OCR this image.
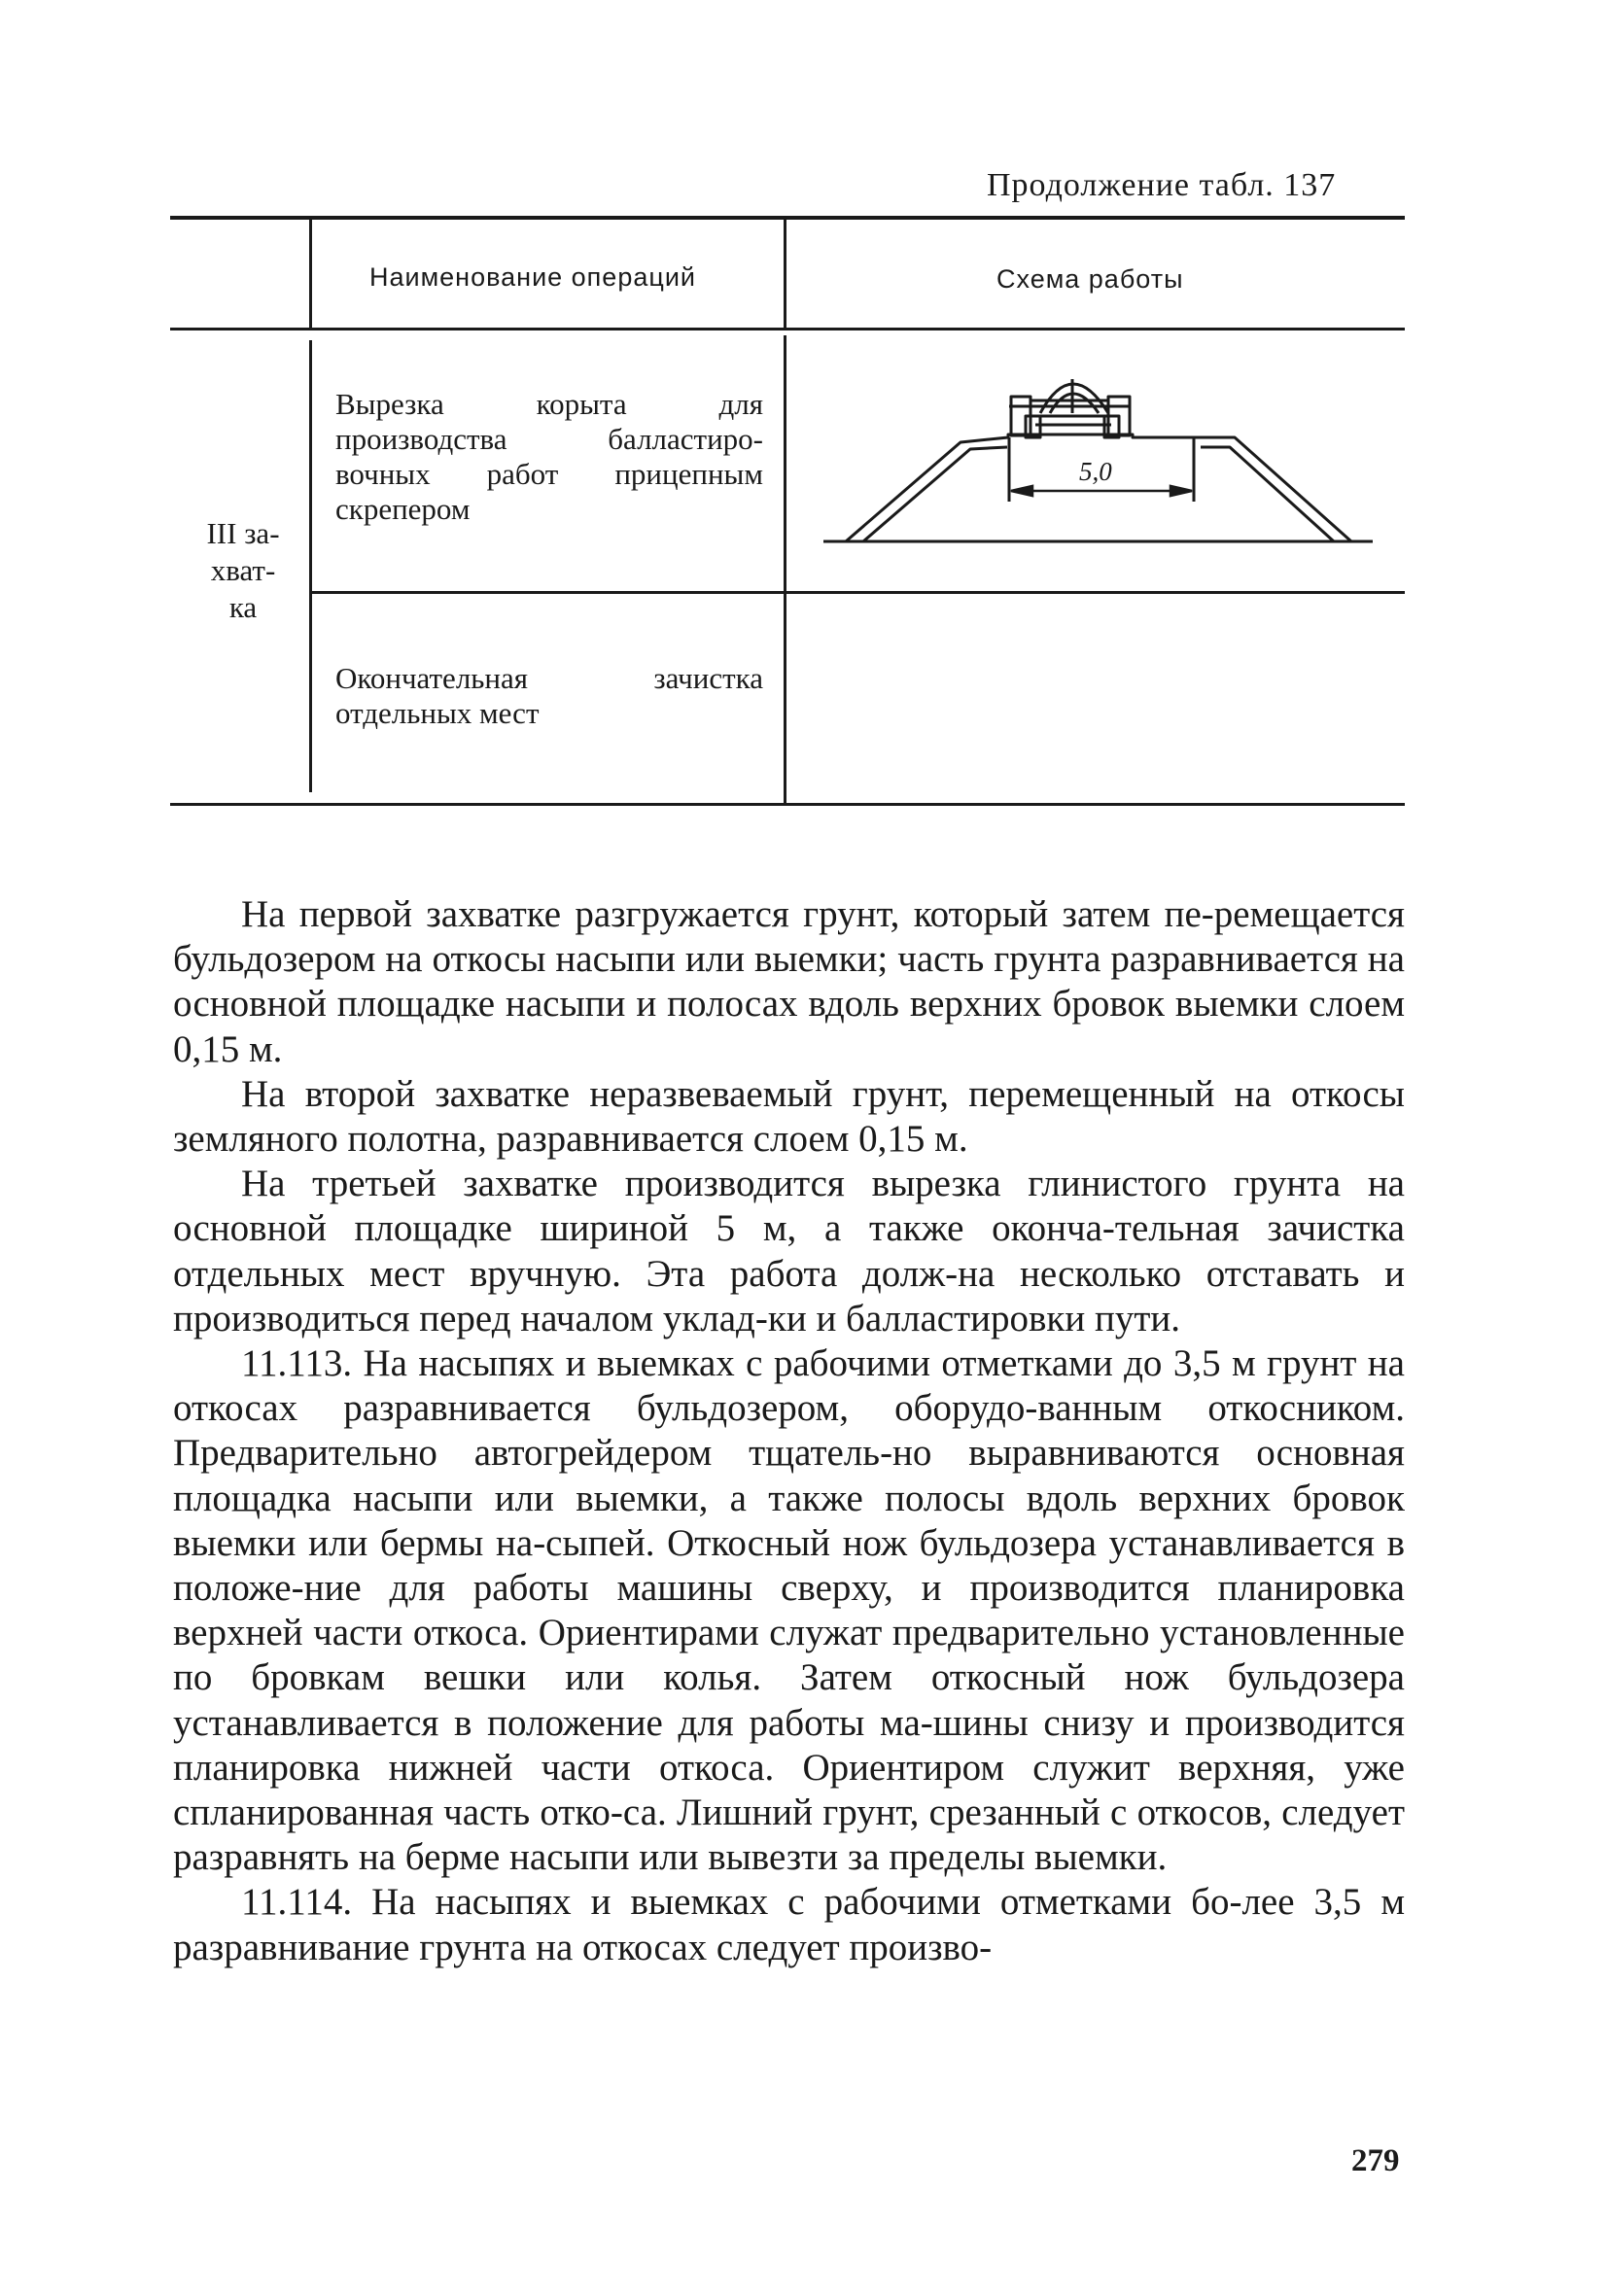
Продолжение табл. 137
Наименование операций	Схема работы
III за-
хват-
ка
Вырезка корыта для
производства балластиро-
вочных работ прицепным
скрепером
Окончательная зачистка
отдельных мест
5,0

На первой захватке разгружается грунт, который затем пе-ремещается бульдозером на откосы насыпи или выемки; часть грунта разравнивается на основной площадке насыпи и полосах вдоль верхних бровок выемки слоем 0,15 м.

На второй захватке неразвеваемый грунт, перемещенный на откосы земляного полотна, разравнивается слоем 0,15 м.

На третьей захватке производится вырезка глинистого грунта на основной площадке шириной 5 м, а также оконча-тельная зачистка отдельных мест вручную. Эта работа долж-на несколько отставать и производиться перед началом уклад-ки и балластировки пути.

11.113. На насыпях и выемках с рабочими отметками до 3,5 м грунт на откосах разравнивается бульдозером, оборудо-ванным откосником. Предварительно автогрейдером тщатель-но выравниваются основная площадка насыпи или выемки, а также полосы вдоль верхних бровок выемки или бермы на-сыпей. Откосный нож бульдозера устанавливается в положе-ние для работы машины сверху, и производится планировка верхней части откоса. Ориентирами служат предварительно установленные по бровкам вешки или колья. Затем откосный нож бульдозера устанавливается в положение для работы ма-шины снизу и производится планировка нижней части откоса. Ориентиром служит верхняя, уже спланированная часть отко-са. Лишний грунт, срезанный с откосов, следует разравнять на берме насыпи или вывезти за пределы выемки.

11.114. На насыпях и выемках с рабочими отметками бо-лее 3,5 м разравнивание грунта на откосах следует произво-

279
